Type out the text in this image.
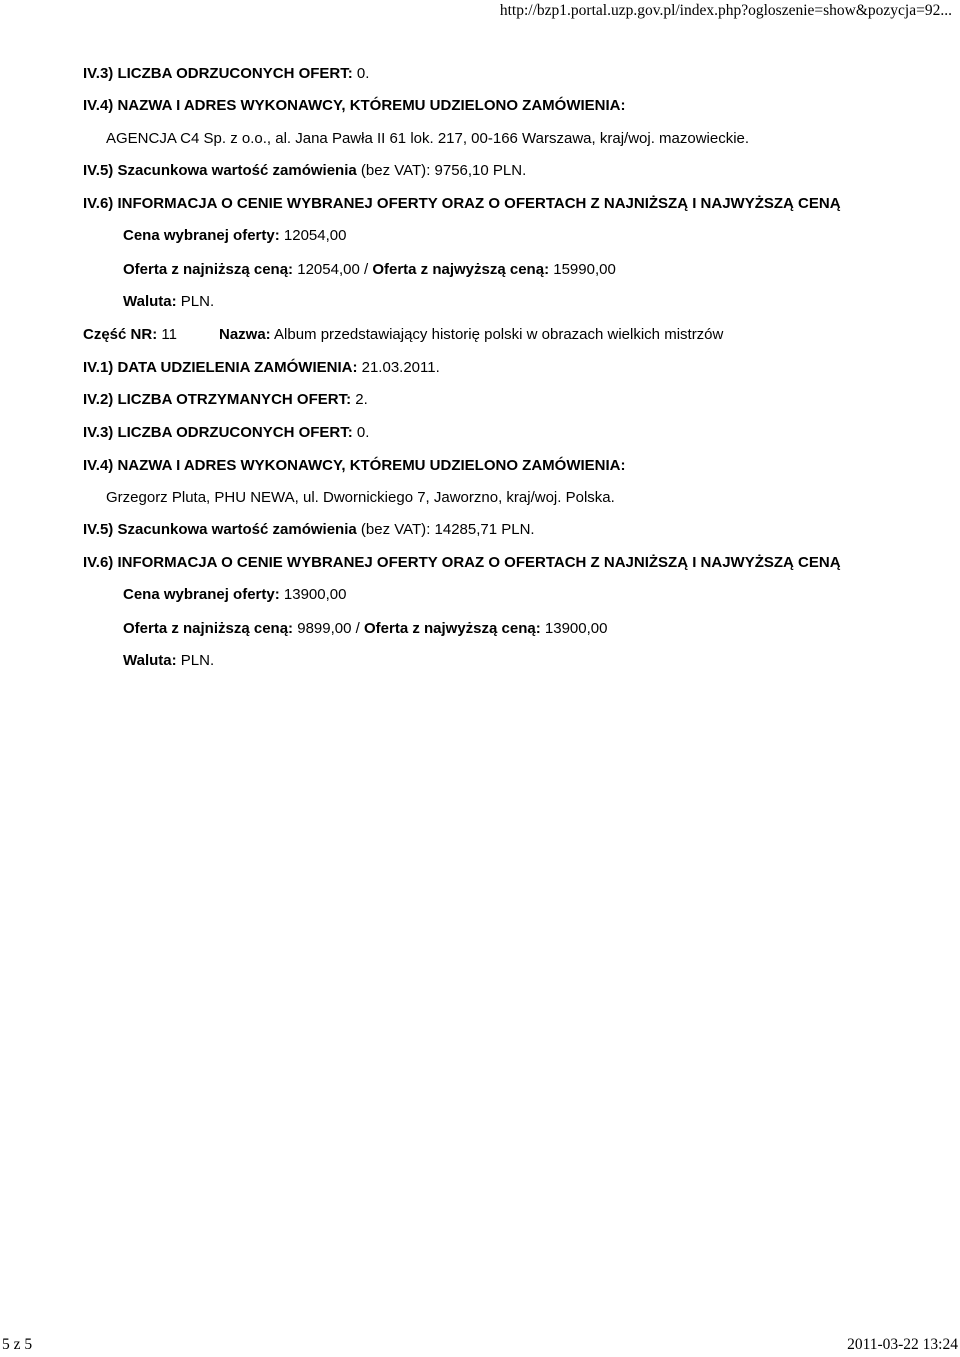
http://bzp1.portal.uzp.gov.pl/index.php?ogloszenie=show&pozycja=92...
IV.3) LICZBA ODRZUCONYCH OFERT: 0.
IV.4) NAZWA I ADRES WYKONAWCY, KTÓREMU UDZIELONO ZAMÓWIENIA:
AGENCJA C4 Sp. z o.o., al. Jana Pawła II 61 lok. 217, 00-166 Warszawa, kraj/woj. mazowieckie.
IV.5) Szacunkowa wartość zamówienia (bez VAT): 9756,10 PLN.
IV.6) INFORMACJA O CENIE WYBRANEJ OFERTY ORAZ O OFERTACH Z NAJNIŻSZĄ I NAJWYŻSZĄ CENĄ
Cena wybranej oferty: 12054,00
Oferta z najniższą ceną: 12054,00 / Oferta z najwyższą ceną: 15990,00
Waluta: PLN.
Część NR: 11	Nazwa: Album przedstawiający historię polski w obrazach wielkich mistrzów
IV.1) DATA UDZIELENIA ZAMÓWIENIA: 21.03.2011.
IV.2) LICZBA OTRZYMANYCH OFERT: 2.
IV.3) LICZBA ODRZUCONYCH OFERT: 0.
IV.4) NAZWA I ADRES WYKONAWCY, KTÓREMU UDZIELONO ZAMÓWIENIA:
Grzegorz Pluta, PHU NEWA, ul. Dwornickiego 7, Jaworzno, kraj/woj. Polska.
IV.5) Szacunkowa wartość zamówienia (bez VAT): 14285,71 PLN.
IV.6) INFORMACJA O CENIE WYBRANEJ OFERTY ORAZ O OFERTACH Z NAJNIŻSZĄ I NAJWYŻSZĄ CENĄ
Cena wybranej oferty: 13900,00
Oferta z najniższą ceną: 9899,00 / Oferta z najwyższą ceną: 13900,00
Waluta: PLN.
5 z 5	2011-03-22 13:24
